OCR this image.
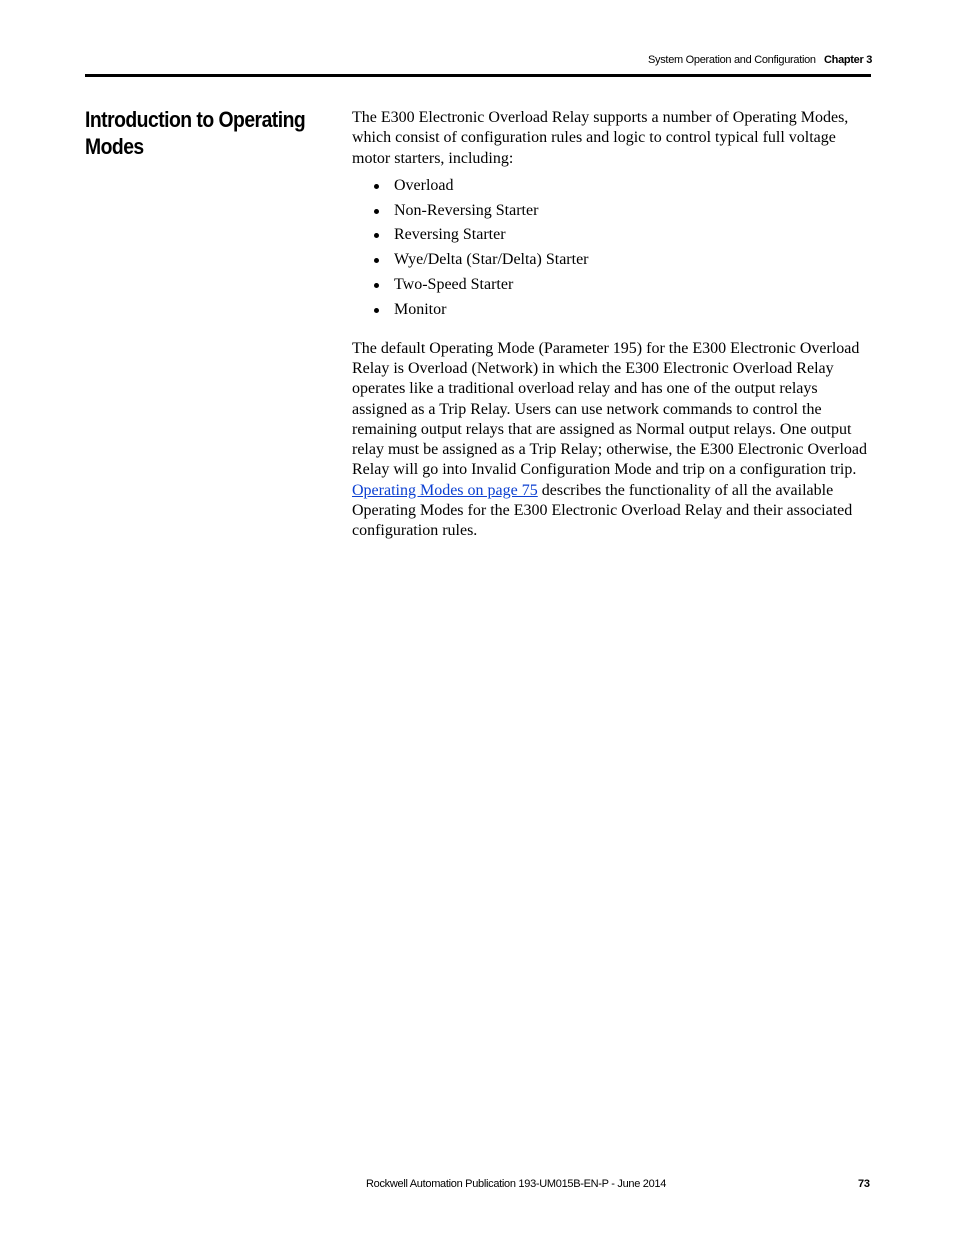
System Operation and Configuration Chapter 3
Introduction to Operating Modes

The E300 Electronic Overload Relay supports a number of Operating Modes, which consist of configuration rules and logic to control typical full voltage motor starters, including:

Overload
Non-Reversing Starter
Reversing Starter
Wye/Delta (Star/Delta) Starter
Two-Speed Starter
Monitor

The default Operating Mode (Parameter 195) for the E300 Electronic Overload Relay is Overload (Network) in which the E300 Electronic Overload Relay operates like a traditional overload relay and has one of the output relays assigned as a Trip Relay. Users can use network commands to control the remaining output relays that are assigned as Normal output relays. One output relay must be assigned as a Trip Relay; otherwise, the E300 Electronic Overload Relay will go into Invalid Configuration Mode and trip on a configuration trip. Operating Modes on page 75 describes the functionality of all the available Operating Modes for the E300 Electronic Overload Relay and their associated configuration rules.

Rockwell Automation Publication 193-UM015B-EN-P - June 2014	73
